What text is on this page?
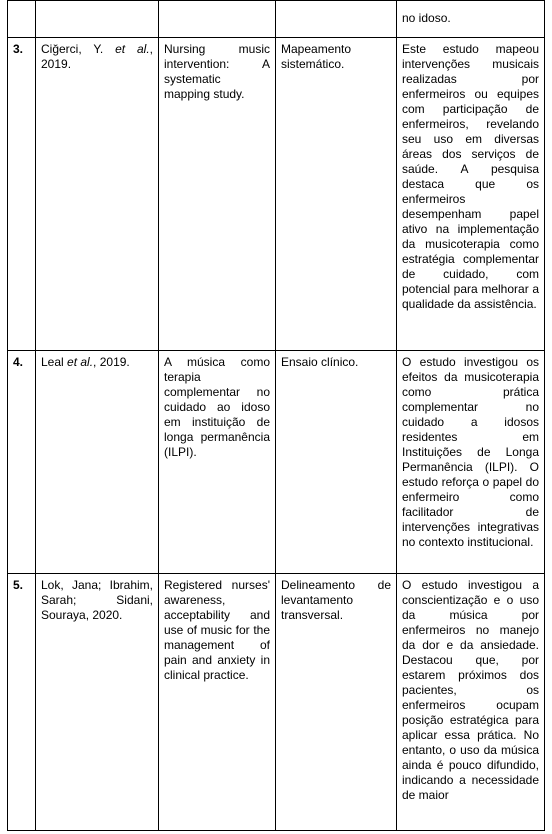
				no idoso.
3.	Ciğerci, Y. et al., 2019.	Nursing music intervention: A systematic mapping study.	Mapeamento sistemático.	Este estudo mapeou intervenções musicais realizadas por enfermeiros ou equipes com participação de enfermeiros, revelando seu uso em diversas áreas dos serviços de saúde. A pesquisa destaca que os enfermeiros desempenham papel ativo na implementação da musicoterapia como estratégia complementar de cuidado, com potencial para melhorar a qualidade da assistência.
4.	Leal et al., 2019.	A música como terapia complementar no cuidado ao idoso em instituição de longa permanência (ILPI).	Ensaio clínico.	O estudo investigou os efeitos da musicoterapia como prática complementar no cuidado a idosos residentes em Instituições de Longa Permanência (ILPI). O estudo reforça o papel do enfermeiro como facilitador de intervenções integrativas no contexto institucional.
5.	Lok, Jana; Ibrahim, Sarah; Sidani, Souraya, 2020.	Registered nurses' awareness, acceptability and use of music for the management of pain and anxiety in clinical practice.	Delineamento de levantamento transversal.	O estudo investigou a conscientização e o uso da música por enfermeiros no manejo da dor e da ansiedade. Destacou que, por estarem próximos dos pacientes, os enfermeiros ocupam posição estratégica para aplicar essa prática. No entanto, o uso da música ainda é pouco difundido, indicando a necessidade de maior
